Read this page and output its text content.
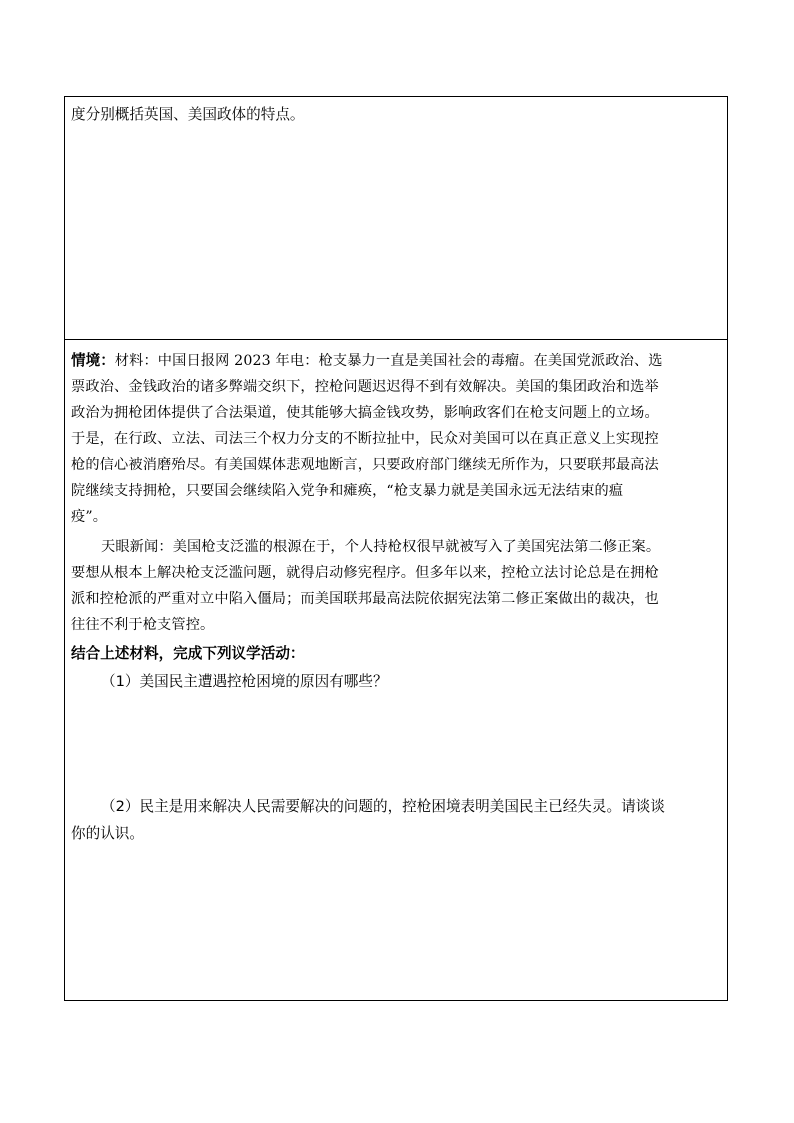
度分别概括英国、美国政体的特点。
情境：材料：中国日报网 2023 年电：枪支暴力一直是美国社会的毒瘤。在美国党派政治、选
票政治、金钱政治的诸多弊端交织下，控枪问题迟迟得不到有效解决。美国的集团政治和选举
政治为拥枪团体提供了合法渠道，使其能够大搞金钱攻势，影响政客们在枪支问题上的立场。
于是，在行政、立法、司法三个权力分支的不断拉扯中，民众对美国可以在真正意义上实现控
枪的信心被消磨殆尽。有美国媒体悲观地断言，只要政府部门继续无所作为，只要联邦最高法
院继续支持拥枪，只要国会继续陷入党争和瘫痪，“枪支暴力就是美国永远无法结束的瘟
疫”。
天眼新闻：美国枪支泛滥的根源在于，个人持枪权很早就被写入了美国宪法第二修正案。
要想从根本上解决枪支泛滥问题，就得启动修宪程序。但多年以来，控枪立法讨论总是在拥枪
派和控枪派的严重对立中陷入僵局；而美国联邦最高法院依据宪法第二修正案做出的裁决，也
往往不利于枪支管控。
结合上述材料，完成下列议学活动：
（1）美国民主遭遇控枪困境的原因有哪些？
（2）民主是用来解决人民需要解决的问题的，控枪困境表明美国民主已经失灵。请谈谈
你的认识。
